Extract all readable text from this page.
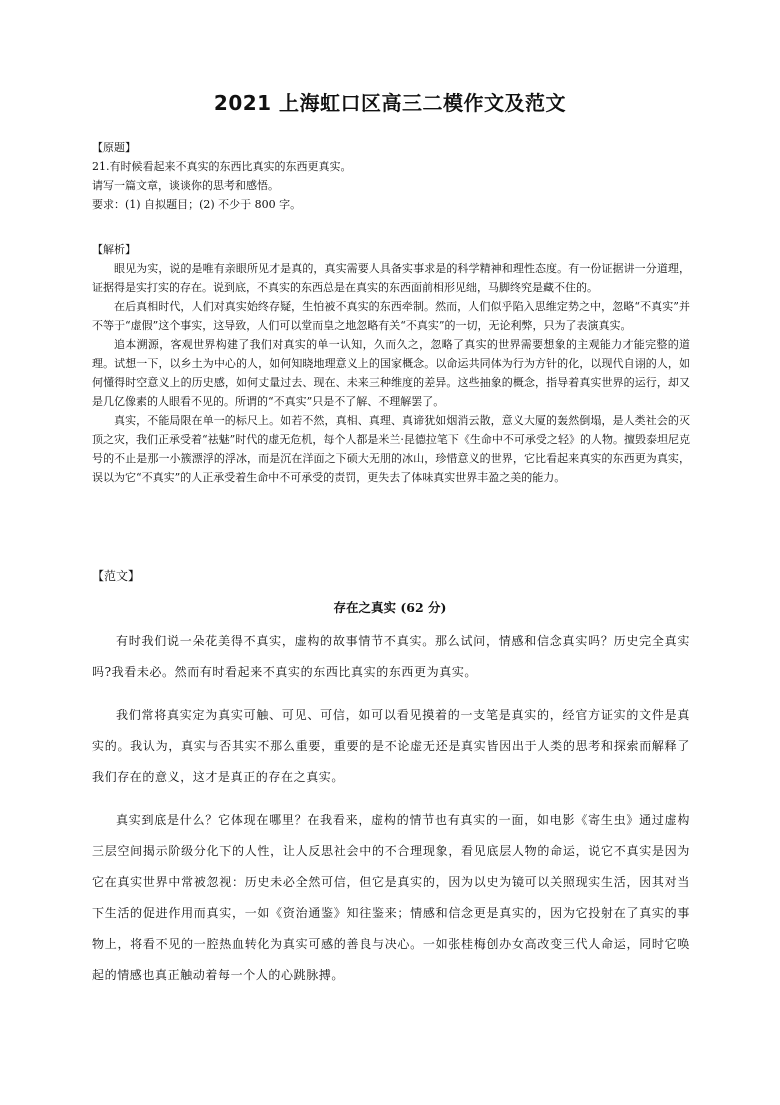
2021 上海虹口区高三二模作文及范文

【原题】

21.有时候看起来不真实的东西比真实的东西更真实。

请写一篇文章，谈谈你的思考和感悟。

要求：(1) 自拟题目；(2) 不少于 800 字。

【解析】

眼见为实，说的是唯有亲眼所见才是真的，真实需要人具备实事求是的科学精神和理性态度。有一份证据讲一分道理，证据得是实打实的存在。说到底，不真实的东西总是在真实的东西面前相形见绌，马脚终究是藏不住的。

在后真相时代，人们对真实始终存疑，生怕被不真实的东西牵制。然而，人们似乎陷入思维定势之中，忽略“不真实”并不等于“虚假”这个事实，这导致，人们可以堂而皇之地忽略有关“不真实”的一切，无论利弊，只为了表演真实。

追本溯源，客观世界构建了我们对真实的单一认知，久而久之，忽略了真实的世界需要想象的主观能力才能完整的道理。试想一下，以乡土为中心的人，如何知晓地理意义上的国家概念。以命运共同体为行为方针的化，以现代自诩的人，如何懂得时空意义上的历史感，如何丈量过去、现在、未来三种维度的差异。这些抽象的概念，指导着真实世界的运行，却又是几亿像素的人眼看不见的。所谓的“不真实”只是不了解、不理解罢了。

真实，不能局限在单一的标尺上。如若不然，真相、真理、真谛犹如烟消云散，意义大厦的轰然倒塌，是人类社会的灭顶之灾，我们正承受着“祛魅”时代的虚无危机，每个人都是米兰·昆德拉笔下《生命中不可承受之轻》的人物。擅毁泰坦尼克号的不止是那一小簇漂浮的浮冰，而是沉在洋面之下硕大无朋的冰山，珍惜意义的世界，它比看起来真实的东西更为真实，误以为它“不真实”的人正承受着生命中不可承受的责罚，更失去了体味真实世界丰盈之美的能力。

【范文】
存在之真实 (62 分)

有时我们说一朵花美得不真实，虚构的故事情节不真实。那么试问，情感和信念真实吗？历史完全真实吗?我看未必。然而有时看起来不真实的东西比真实的东西更为真实。

我们常将真实定为真实可触、可见、可信，如可以看见摸着的一支笔是真实的，经官方证实的文件是真实的。我认为，真实与否其实不那么重要，重要的是不论虚无还是真实皆因出于人类的思考和探索而解释了我们存在的意义，这才是真正的存在之真实。

真实到底是什么？它体现在哪里？在我看来，虚构的情节也有真实的一面，如电影《寄生虫》通过虚构三层空间揭示阶级分化下的人性，让人反思社会中的不合理现象，看见底层人物的命运，说它不真实是因为它在真实世界中常被忽视：历史未必全然可信，但它是真实的，因为以史为镜可以关照现实生活，因其对当下生活的促进作用而真实，一如《资治通鉴》知往鉴来；情感和信念更是真实的，因为它投射在了真实的事物上，将看不见的一腔热血转化为真实可感的善良与决心。一如张桂梅创办女高改变三代人命运，同时它唤起的情感也真正触动着每一个人的心跳脉搏。
